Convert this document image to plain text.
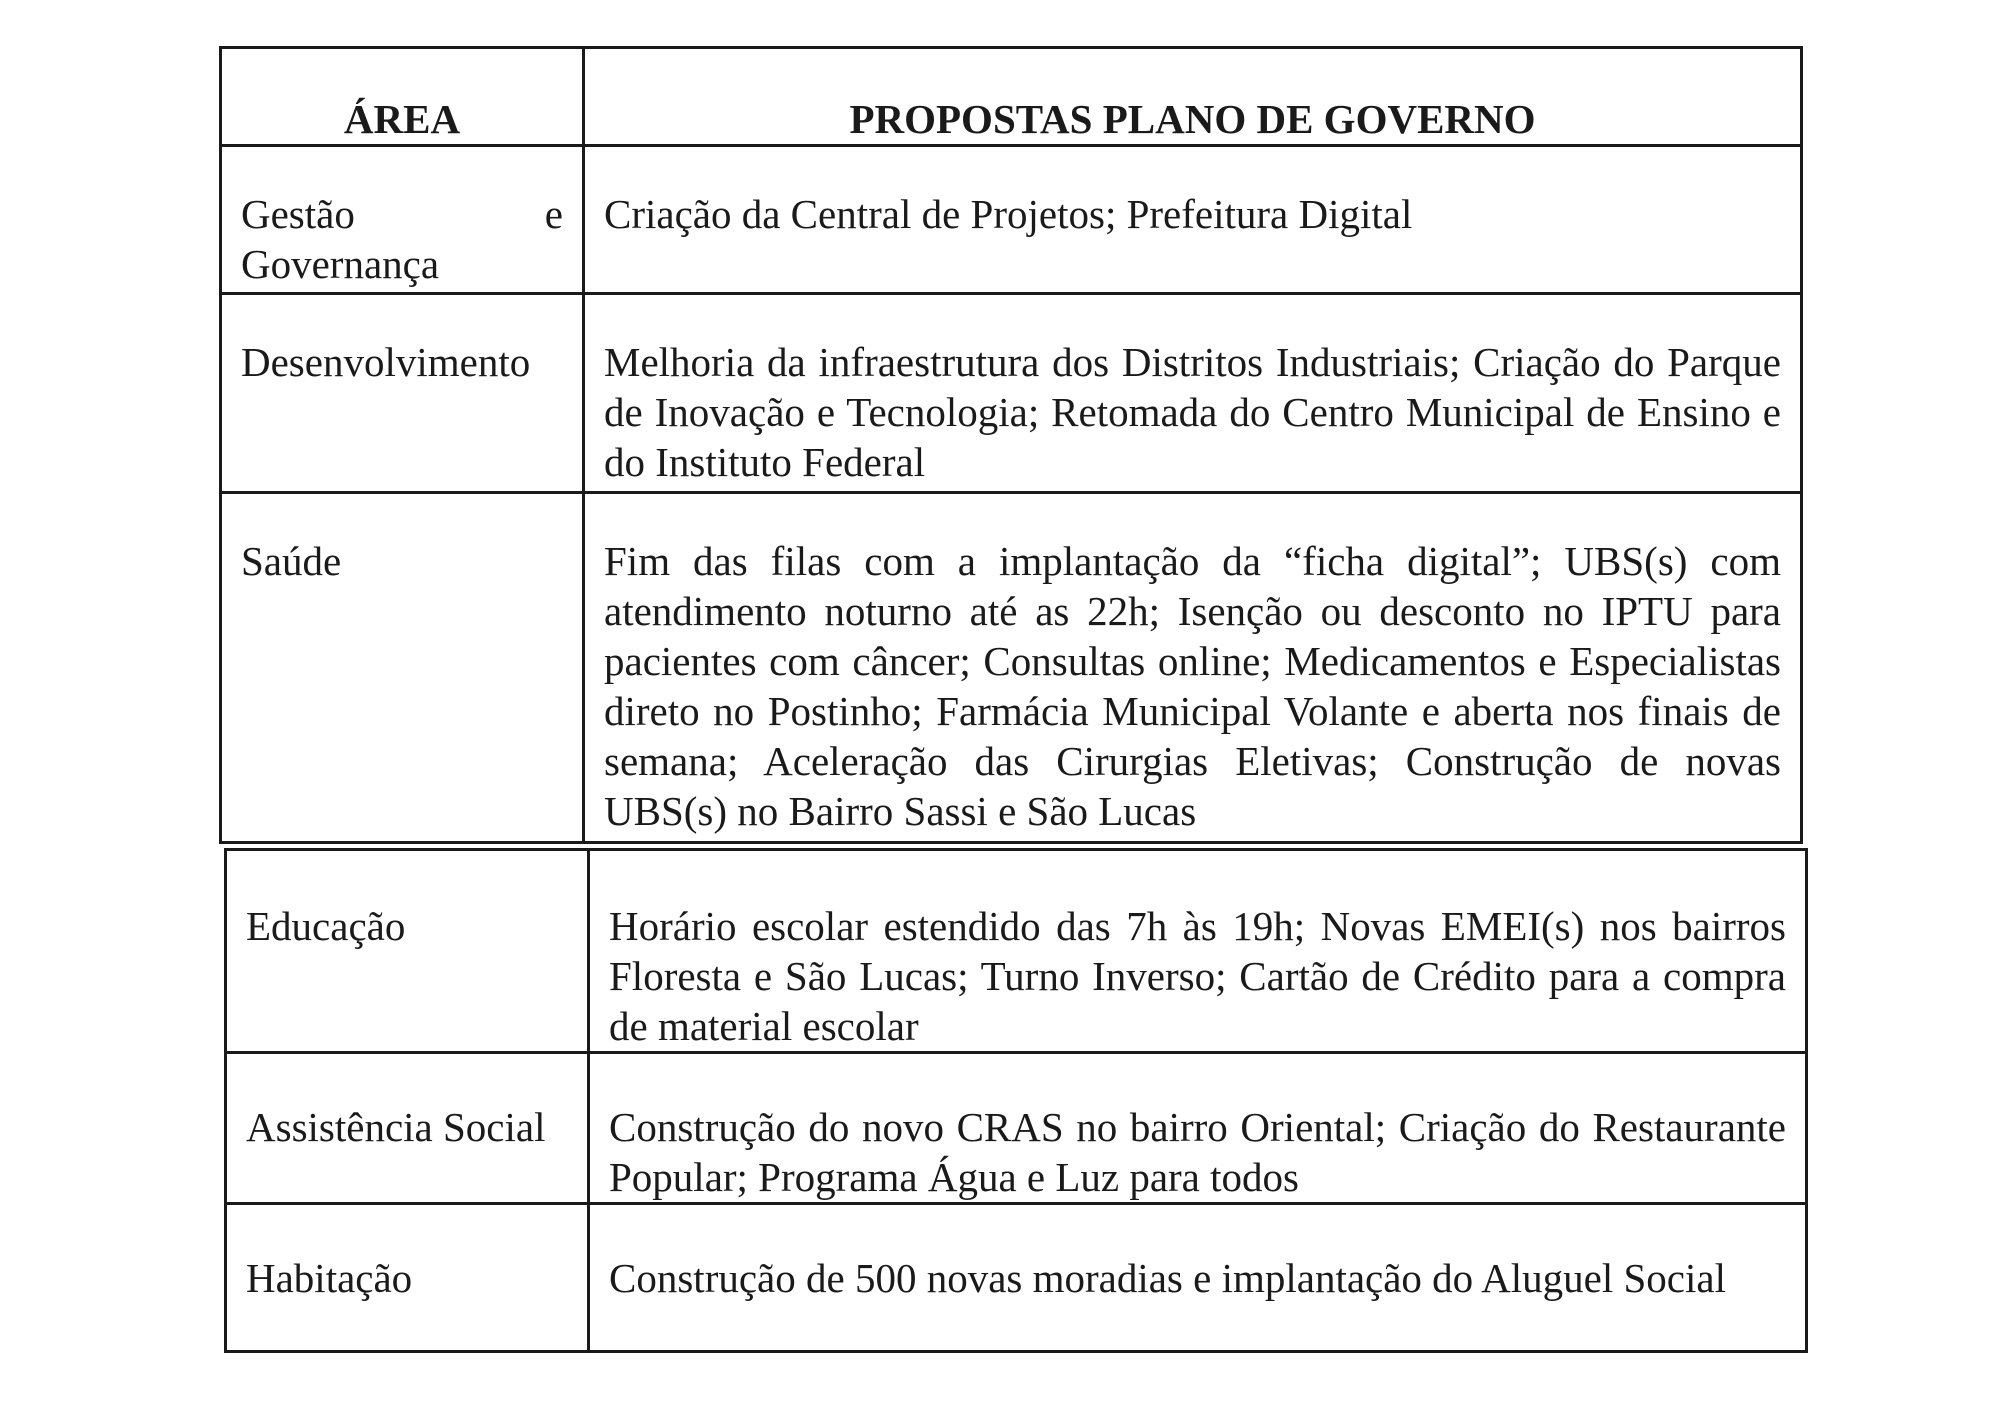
ÁREA	PROPOSTAS PLANO DE GOVERNO

Gestão e Governança	Criação da Central de Projetos; Prefeitura Digital

Desenvolvimento	Melhoria da infraestrutura dos Distritos Industriais; Criação do Parque de Inovação e Tecnologia; Retomada do Centro Municipal de Ensino e do Instituto Federal

Saúde	Fim das filas com a implantação da “ficha digital”; UBS(s) com atendimento noturno até as 22h; Isenção ou desconto no IPTU para pacientes com câncer; Consultas online; Medicamentos e Especialistas direto no Postinho; Farmácia Municipal Volante e aberta nos finais de semana; Aceleração das Cirurgias Eletivas; Construção de novas UBS(s) no Bairro Sassi e São Lucas
Educação	Horário escolar estendido das 7h às 19h; Novas EMEI(s) nos bairros Floresta e São Lucas; Turno Inverso; Cartão de Crédito para a compra de material escolar

Assistência Social	Construção do novo CRAS no bairro Oriental; Criação do Restaurante Popular; Programa Água e Luz para todos

Habitação	Construção de 500 novas moradias e implantação do Aluguel Social
